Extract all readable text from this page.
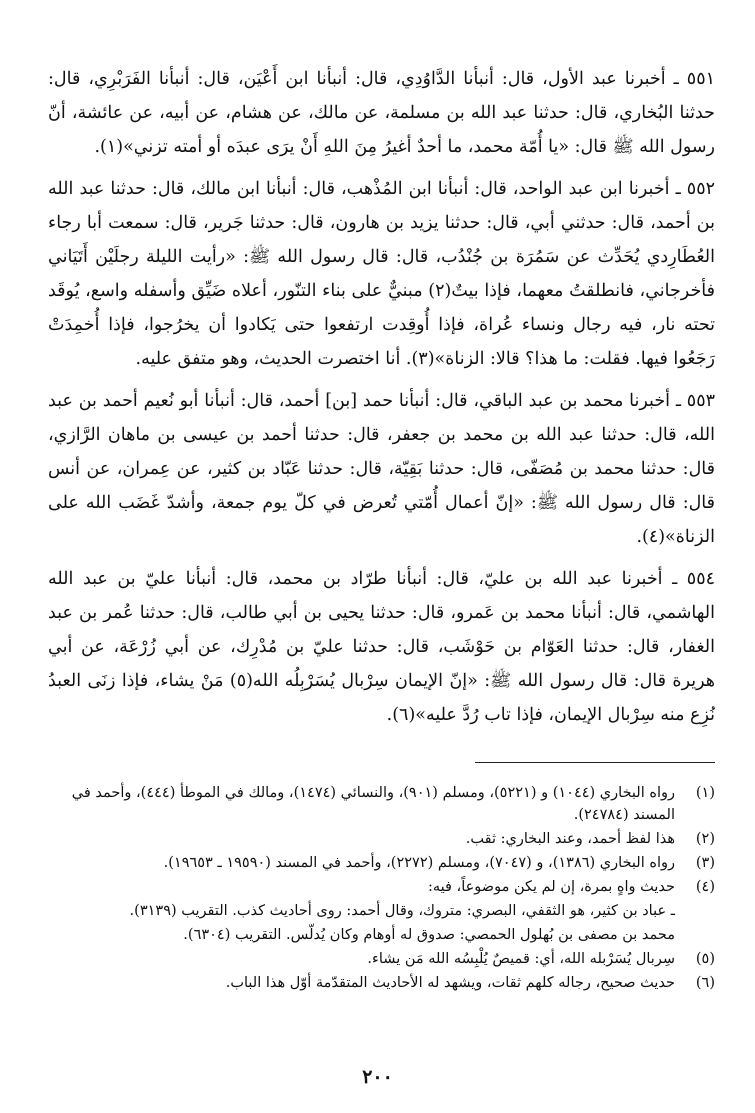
٥٥١ ـ أخبرنا عبد الأول، قال: أنبأنا الدَّاوُدِي، قال: أنبأنا ابن أَعْيَن، قال: أنبأنا الفَرَبْرِي، قال: حدثنا البُخاري، قال: حدثنا عبد الله بن مسلمة، عن مالك، عن هشام، عن أبيه، عن عائشة، أنّ رسول الله ﷺ قال: «يا أُمّة محمد، ما أحدٌ أغيرُ مِنَ اللهِ أَنْ يرَى عبدَه أو أمته تزني»(١).

٥٥٢ ـ أخبرنا ابن عبد الواحد، قال: أنبأنا ابن المُذْهب، قال: أنبأنا ابن مالك، قال: حدثنا عبد الله بن أحمد، قال: حدثني أبي، قال: حدثنا يزيد بن هارون، قال: حدثنا جَرير، قال: سمعت أبا رجاء العُطَارِدي يُحَدِّث عن سَمُرَة بن جُنْدُب، قال: قال رسول الله ﷺ: «رأيت الليلة رجلَيْن أَتَيَاني فأخرجاني، فانطلقتُ معهما، فإذا بيتٌ(٢) مبنيٌّ على بناء التنّور، أعلاه ضَيِّق وأسفله واسع، يُوقَد تحته نار، فيه رجال ونساء عُراة، فإذا أُوقِدت ارتفعوا حتى يَكادوا أن يخرُجوا، فإذا أُخمِدَتْ رَجَعُوا فيها. فقلت: ما هذا؟ قالا: الزناة»(٣). أنا اختصرت الحديث، وهو متفق عليه.

٥٥٣ ـ أخبرنا محمد بن عبد الباقي، قال: أنبأنا حمد [بن] أحمد، قال: أنبأنا أبو نُعيم أحمد بن عبد الله، قال: حدثنا عبد الله بن محمد بن جعفر، قال: حدثنا أحمد بن عيسى بن ماهان الرَّازي، قال: حدثنا محمد بن مُصَفّى، قال: حدثنا بَقِيّة، قال: حدثنا عَبّاد بن كثير، عن عِمران، عن أنس قال: قال رسول الله ﷺ: «إنّ أعمال أُمّتي تُعرض في كلّ يوم جمعة، وأشدّ غَضَب الله على الزناة»(٤).

٥٥٤ ـ أخبرنا عبد الله بن عليّ، قال: أنبأنا طرّاد بن محمد، قال: أنبأنا عليّ بن عبد الله الهاشمي، قال: أنبأنا محمد بن عَمرو، قال: حدثنا يحيى بن أبي طالب، قال: حدثنا عُمر بن عبد الغفار، قال: حدثنا العَوّام بن حَوْشَب، قال: حدثنا عليّ بن مُدْرِك، عن أبي زُرْعَة، عن أبي هريرة قال: قال رسول الله ﷺ: «إنّ الإيمان سِرْبال يُسَرْبِلُه الله(٥) مَنْ يشاء، فإذا زنَى العبدُ نُزِع منه سِرْبال الإيمان، فإذا تاب رُدَّ عليه»(٦).

(١)
رواه البخاري (١٠٤٤) و (٥٢٢١)، ومسلم (٩٠١)، والنسائي (١٤٧٤)، ومالك في الموطأ (٤٤٤)، وأحمد في المسند (٢٤٧٨٤).
(٢)
هذا لفظ أحمد، وعند البخاري: ثقب.
(٣)
رواه البخاري (١٣٨٦)، و (٧٠٤٧)، ومسلم (٢٢٧٢)، وأحمد في المسند (١٩٥٩٠ ـ ١٩٦٥٣).
(٤)
حديث واهٍ بمرة، إن لم يكن موضوعاً، فيه:
ـ عباد بن كثير، هو الثقفي، البصري: متروك، وقال أحمد: روى أحاديث كذب. التقريب (٣١٣٩).
محمد بن مصفى بن بُهلول الحمصي: صدوق له أوهام وكان يُدلّس. التقريب (٦٣٠٤).
(٥)
سِربال يُسَرْبله الله، أي: قميصٌ يُلْبِسُه الله مَن يشاء.
(٦)
حديث صحيح، رجاله كلهم ثقات، ويشهد له الأحاديث المتقدّمة أوّل هذا الباب.
٢٠٠
